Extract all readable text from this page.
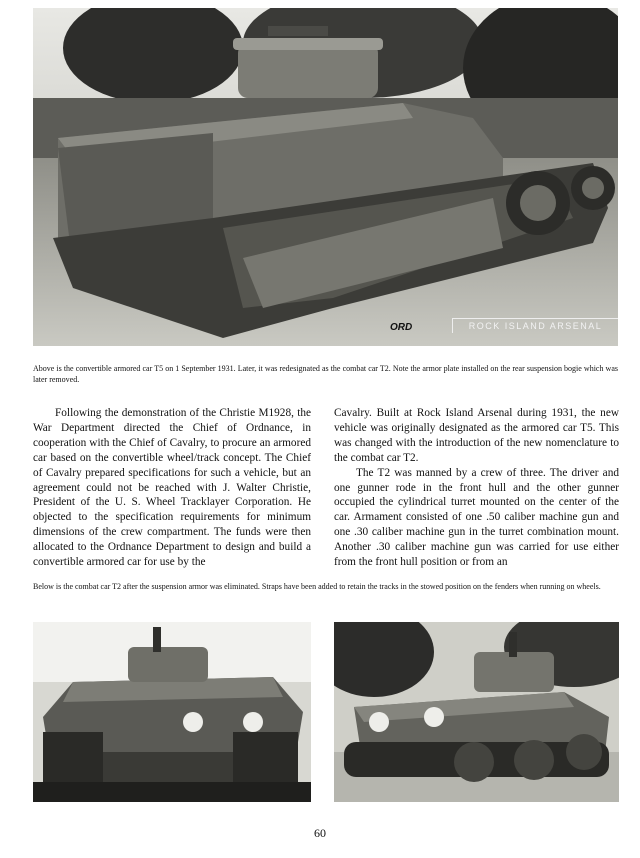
ORD	ROCK ISLAND ARSENAL
Above is the convertible armored car T5 on 1 September 1931. Later, it was redesignated as the combat car T2. Note the armor plate installed on the rear suspension bogie which was later removed.

Following the demonstration of the Christie M1928, the War Department directed the Chief of Ordnance, in cooperation with the Chief of Cavalry, to procure an armored car based on the convertible wheel/track concept. The Chief of Cavalry prepared specifications for such a vehicle, but an agreement could not be reached with J. Walter Christie, President of the U. S. Wheel Tracklayer Corporation. He objected to the specification requirements for minimum dimensions of the crew compartment. The funds were then allocated to the Ordnance Department to design and build a convertible armored car for use by the

Cavalry. Built at Rock Island Arsenal during 1931, the new vehicle was originally designated as the armored car T5. This was changed with the introduction of the new nomenclature to the combat car T2.

The T2 was manned by a crew of three. The driver and one gunner rode in the front hull and the other gunner occupied the cylindrical turret mounted on the center of the car. Armament consisted of one .50 caliber machine gun and one .30 caliber machine gun in the turret combination mount. Another .30 caliber machine gun was carried for use either from the front hull position or from an

Below is the combat car T2 after the suspension armor was eliminated. Straps have been added to retain the tracks in the stowed position on the fenders when running on wheels.
60
